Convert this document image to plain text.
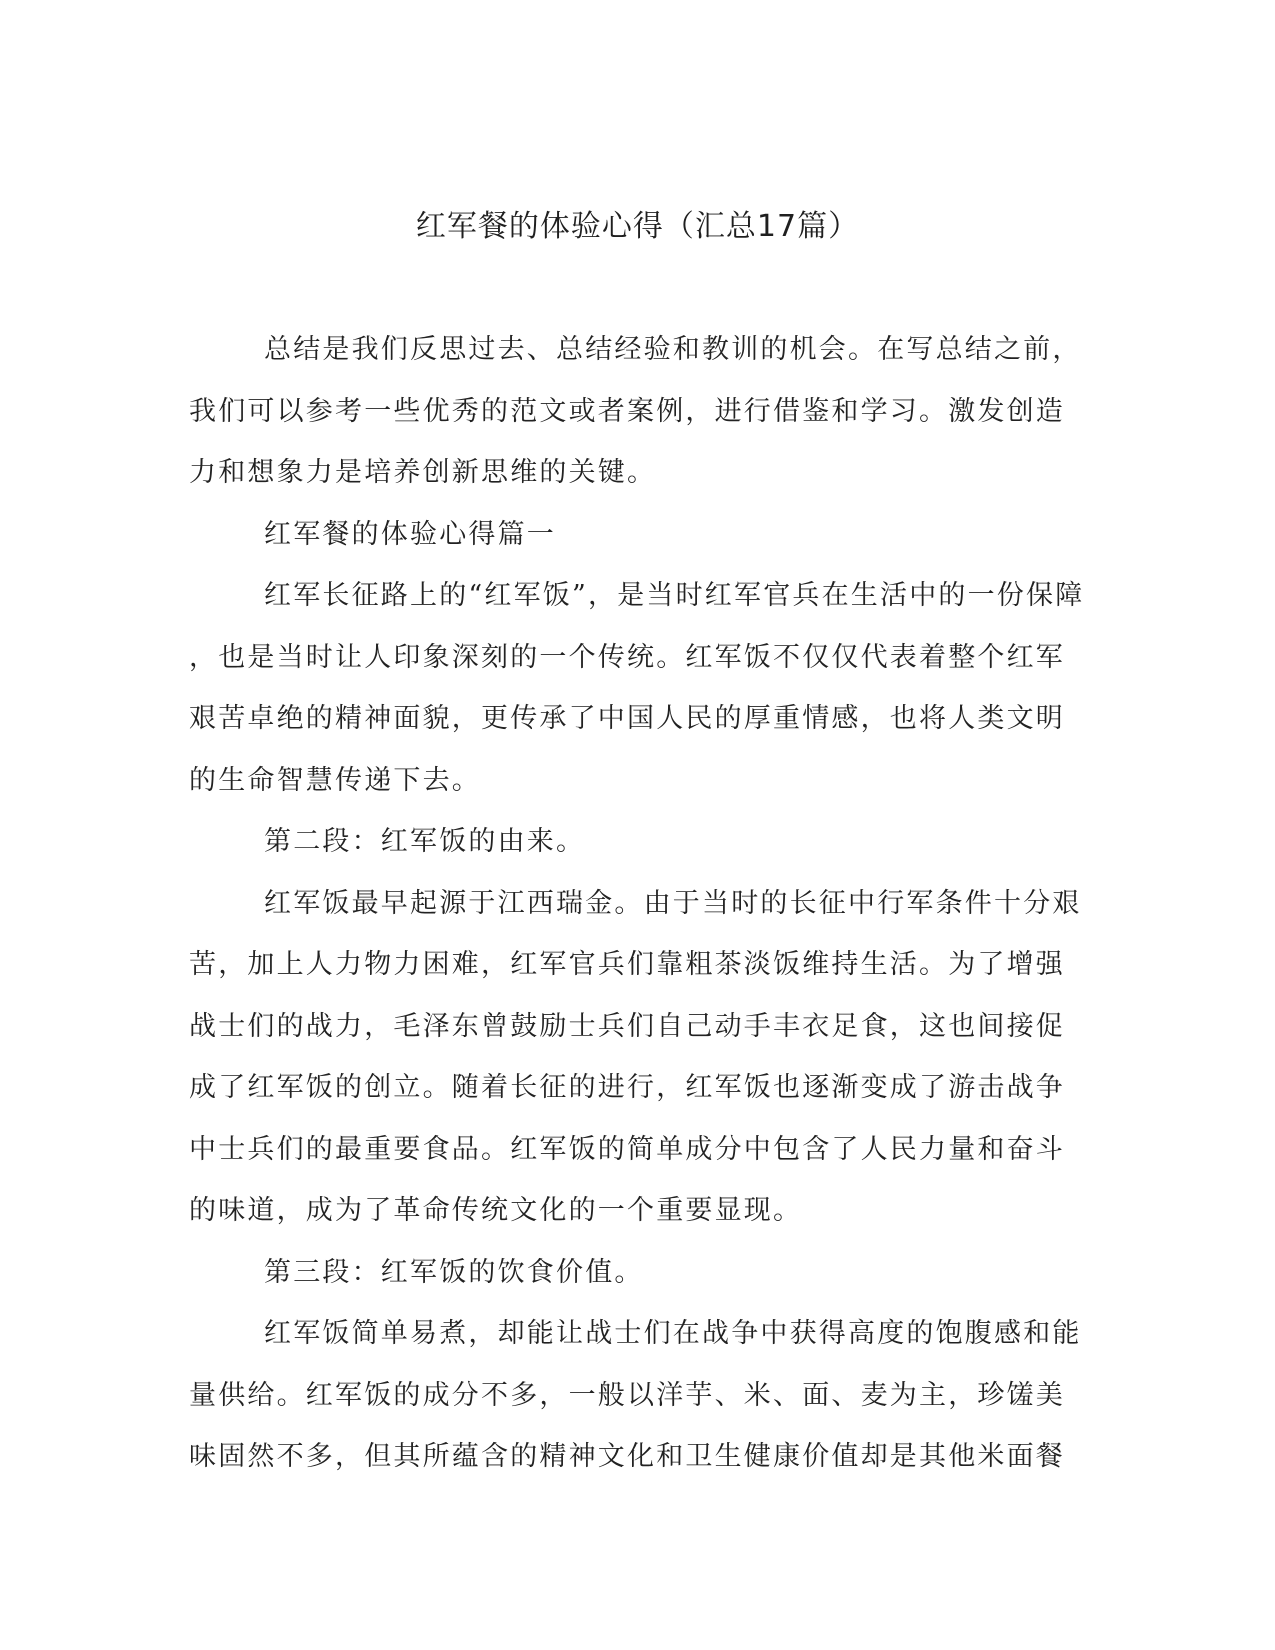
红军餐的体验心得（汇总17篇）
总结是我们反思过去、总结经验和教训的机会。在写总结之前，
我们可以参考一些优秀的范文或者案例，进行借鉴和学习。激发创造
力和想象力是培养创新思维的关键。
红军餐的体验心得篇一
红军长征路上的“红军饭”，是当时红军官兵在生活中的一份保障
，也是当时让人印象深刻的一个传统。红军饭不仅仅代表着整个红军
艰苦卓绝的精神面貌，更传承了中国人民的厚重情感，也将人类文明
的生命智慧传递下去。
第二段：红军饭的由来。
红军饭最早起源于江西瑞金。由于当时的长征中行军条件十分艰
苦，加上人力物力困难，红军官兵们靠粗茶淡饭维持生活。为了增强
战士们的战力，毛泽东曾鼓励士兵们自己动手丰衣足食，这也间接促
成了红军饭的创立。随着长征的进行，红军饭也逐渐变成了游击战争
中士兵们的最重要食品。红军饭的简单成分中包含了人民力量和奋斗
的味道，成为了革命传统文化的一个重要显现。
第三段：红军饭的饮食价值。
红军饭简单易煮，却能让战士们在战争中获得高度的饱腹感和能
量供给。红军饭的成分不多，一般以洋芋、米、面、麦为主，珍馐美
味固然不多，但其所蕴含的精神文化和卫生健康价值却是其他米面餐
